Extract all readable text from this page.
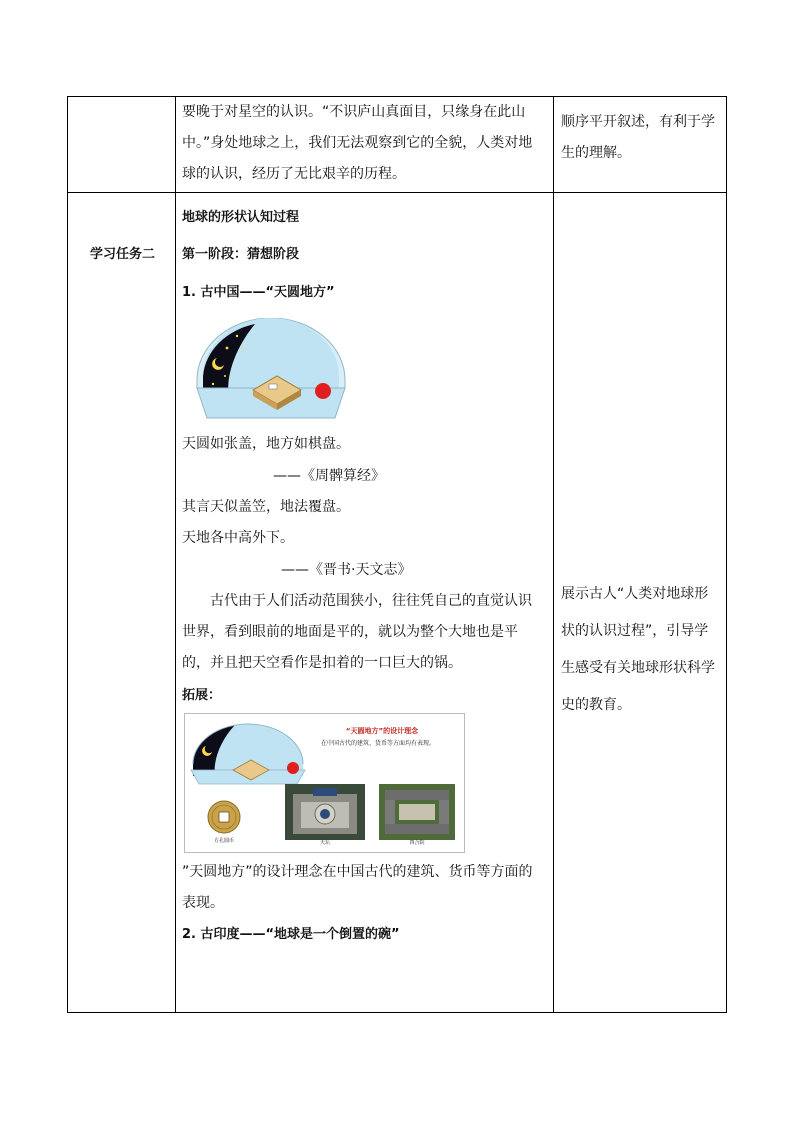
要晚于对星空的认识。“不识庐山真面目，只缘身在此山
中。”身处地球之上，我们无法观察到它的全貌，人类对地
球的认识，经历了无比艰辛的历程。
顺序平开叙述，有利于学
生的理解。
学习任务二
地球的形状认知过程
第一阶段：猜想阶段
1. 古中国——“天圆地方”
天圆如张盖，地方如棋盘。
——《周髀算经》
其言天似盖笠，地法覆盘。
天地各中高外下。
——《晋书·天文志》
古代由于人们活动范围狭小，往往凭自己的直觉认识
世界，看到眼前的地面是平的，就以为整个大地也是平
的，并且把天空看作是扣着的一口巨大的锅。
拓展：
“天圆地方”的设计理念
在中国古代的建筑、货币等方面均有表现。
方孔圆币	天坛	四合院
”天圆地方”的设计理念在中国古代的建筑、货币等方面的
表现。
2. 古印度——“地球是一个倒置的碗”
展示古人“人类对地球形
状的认识过程”，引导学
生感受有关地球形状科学
史的教育。
